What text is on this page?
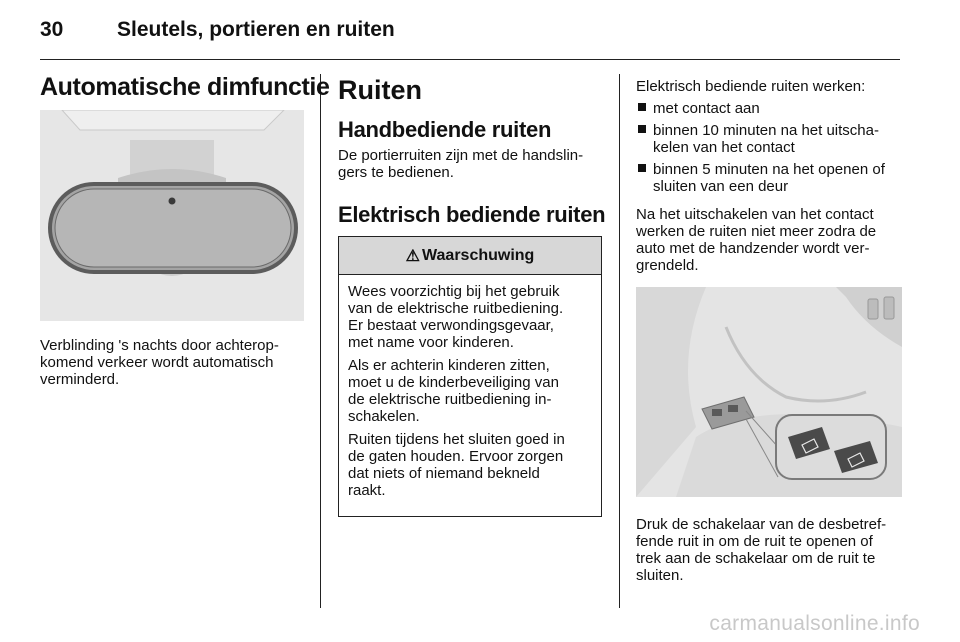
30	Sleutels, portieren en ruiten
Automatische dimfunctie
Verblinding 's nachts door achterop-
komend verkeer wordt automatisch
verminderd.
Ruiten
Handbediende ruiten
De portierruiten zijn met de handslin-
gers te bedienen.
Elektrisch bediende ruiten
⚠ Waarschuwing

Wees voorzichtig bij het gebruik
van de elektrische ruitbediening.
Er bestaat verwondingsgevaar,
met name voor kinderen.

Als er achterin kinderen zitten,
moet u de kinderbeveiliging van
de elektrische ruitbediening in-
schakelen.

Ruiten tijdens het sluiten goed in
de gaten houden. Ervoor zorgen
dat niets of niemand bekneld
raakt.

Elektrisch bediende ruiten werken:
met contact aan
binnen 10 minuten na het uitscha-
kelen van het contact
binnen 5 minuten na het openen of
sluiten van een deur
Na het uitschakelen van het contact
werken de ruiten niet meer zodra de
auto met de handzender wordt ver-
grendeld.
Druk de schakelaar van de desbetref-
fende ruit in om de ruit te openen of
trek aan de schakelaar om de ruit te
sluiten.
carmanualsonline.info
